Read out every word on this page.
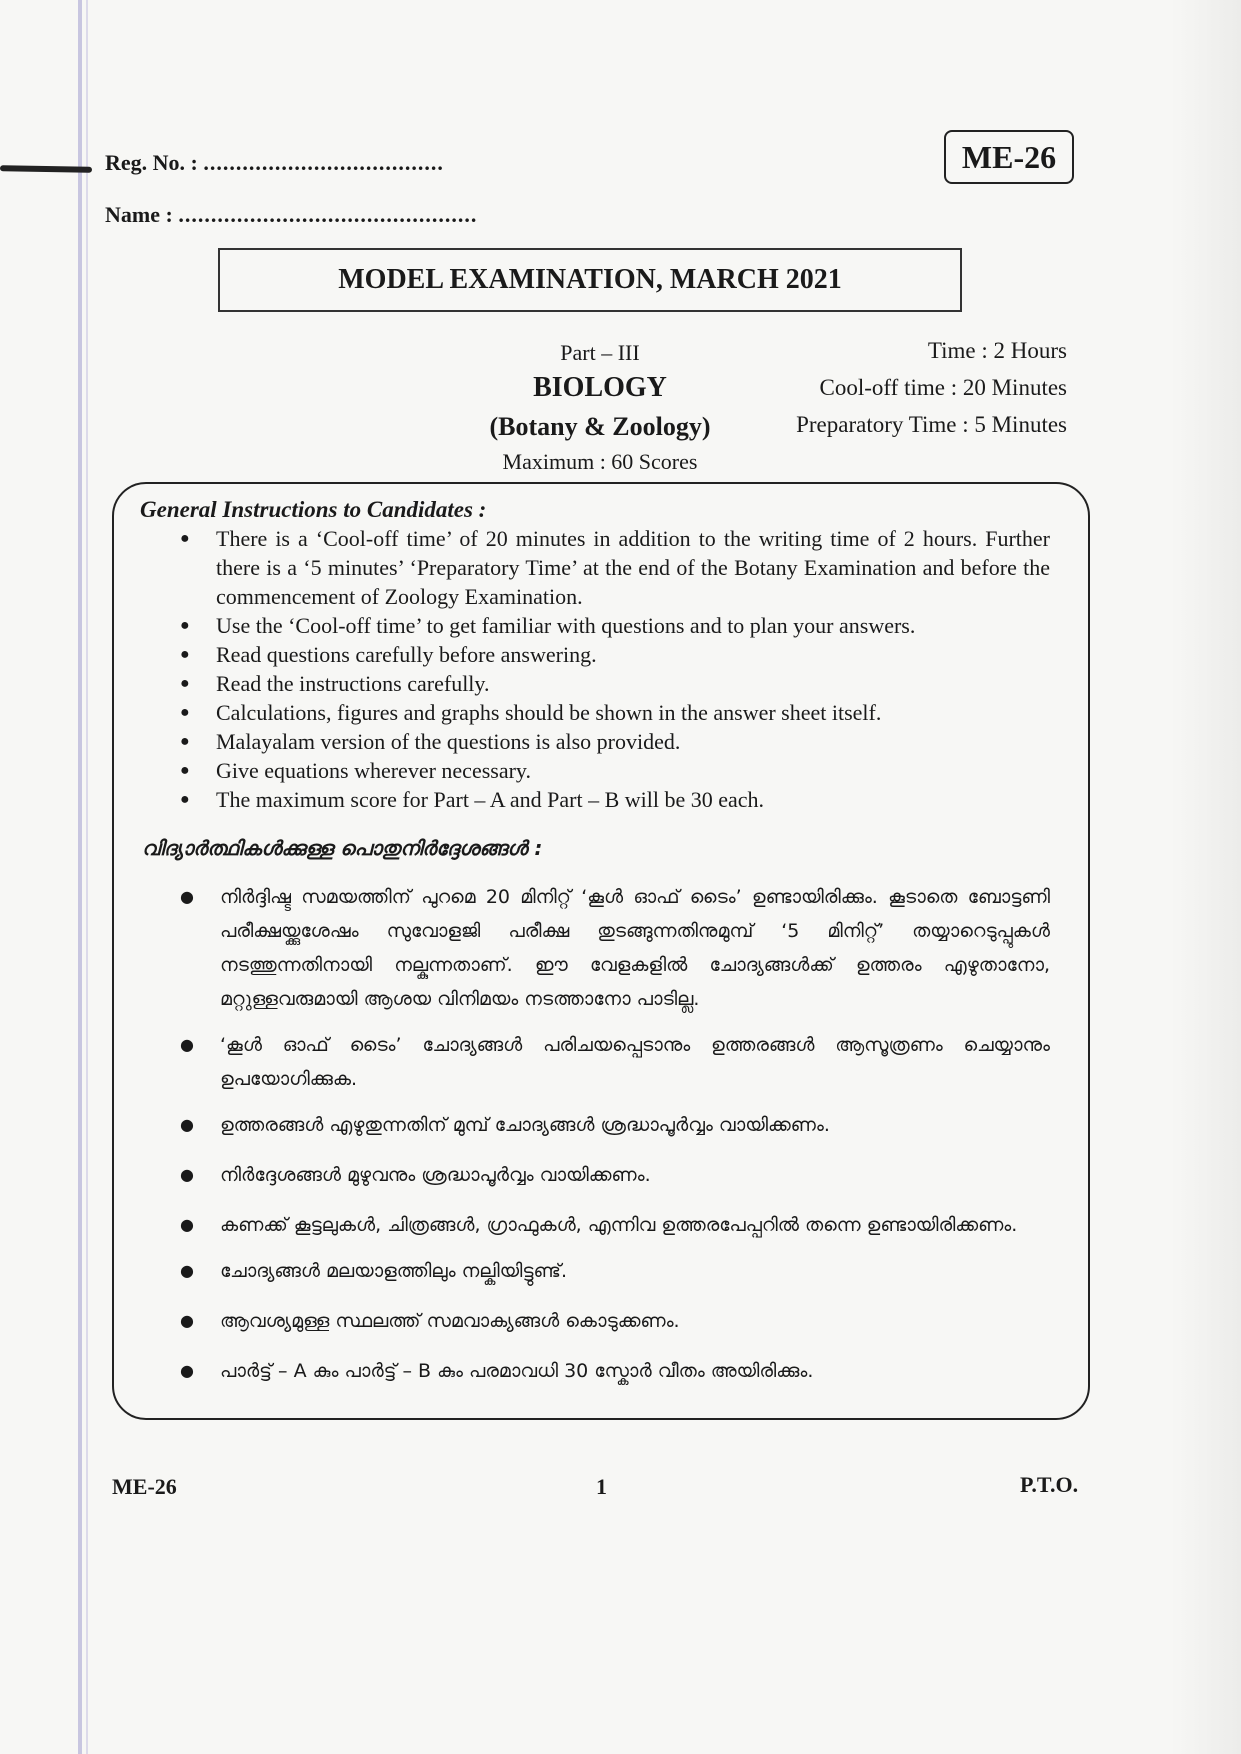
ME-26
Reg. No. : .....................................
Name : ..............................................
MODEL EXAMINATION, MARCH 2021
Part – III
BIOLOGY
(Botany & Zoology)
Maximum : 60 Scores
Time : 2 Hours
Cool-off time : 20 Minutes
Preparatory Time : 5 Minutes
General Instructions to Candidates :
● There is a ‘Cool-off time’ of 20 minutes in addition to the writing time of 2 hours. Further there is a ‘5 minutes’ ‘Preparatory Time’ at the end of the Botany Examination and before the commencement of Zoology Examination.
● Use the ‘Cool-off time’ to get familiar with questions and to plan your answers.
● Read questions carefully before answering.
● Read the instructions carefully.
● Calculations, figures and graphs should be shown in the answer sheet itself.
● Malayalam version of the questions is also provided.
● Give equations wherever necessary.
● The maximum score for Part – A and Part – B will be 30 each.
വിദ്യാർത്ഥികൾക്കുള്ള പൊതുനിർദ്ദേശങ്ങൾ :
● നിർദ്ദിഷ്ട സമയത്തിന് പുറമെ 20 മിനിറ്റ് ‘കൂൾ ഓഫ് ടൈം’ ഉണ്ടായിരിക്കും. കൂടാതെ ബോട്ടണി പരീക്ഷയ്ക്കുശേഷം സുവോളജി പരീക്ഷ തുടങ്ങുന്നതിനുമുമ്പ് ‘5 മിനിറ്റ്’ തയ്യാറെടുപ്പുകൾ നടത്തുന്നതിനായി നല്കുന്നതാണ്. ഈ വേളകളിൽ ചോദ്യങ്ങൾക്ക് ഉത്തരം എഴുതാനോ, മറ്റുള്ളവരുമായി ആശയ വിനിമയം നടത്താനോ പാടില്ല.
● ‘കൂൾ ഓഫ് ടൈം’ ചോദ്യങ്ങൾ പരിചയപ്പെടാനും ഉത്തരങ്ങൾ ആസൂത്രണം ചെയ്യാനും ഉപയോഗിക്കുക.
● ഉത്തരങ്ങൾ എഴുതുന്നതിന് മുമ്പ് ചോദ്യങ്ങൾ ശ്രദ്ധാപൂർവ്വം വായിക്കണം.
● നിർദ്ദേശങ്ങൾ മുഴുവനും ശ്രദ്ധാപൂർവ്വം വായിക്കണം.
● കണക്ക് കൂട്ടലുകൾ, ചിത്രങ്ങൾ, ഗ്രാഫുകൾ, എന്നിവ ഉത്തരപേപ്പറിൽ തന്നെ ഉണ്ടായിരിക്കണം.
● ചോദ്യങ്ങൾ മലയാളത്തിലും നല്കിയിട്ടുണ്ട്.
● ആവശ്യമുള്ള സ്ഥലത്ത് സമവാക്യങ്ങൾ കൊടുക്കണം.
● പാർട്ട് – A കും പാർട്ട് – B കും പരമാവധി 30 സ്കോർ വീതം അയിരിക്കും.
ME-26	1	P.T.O.
